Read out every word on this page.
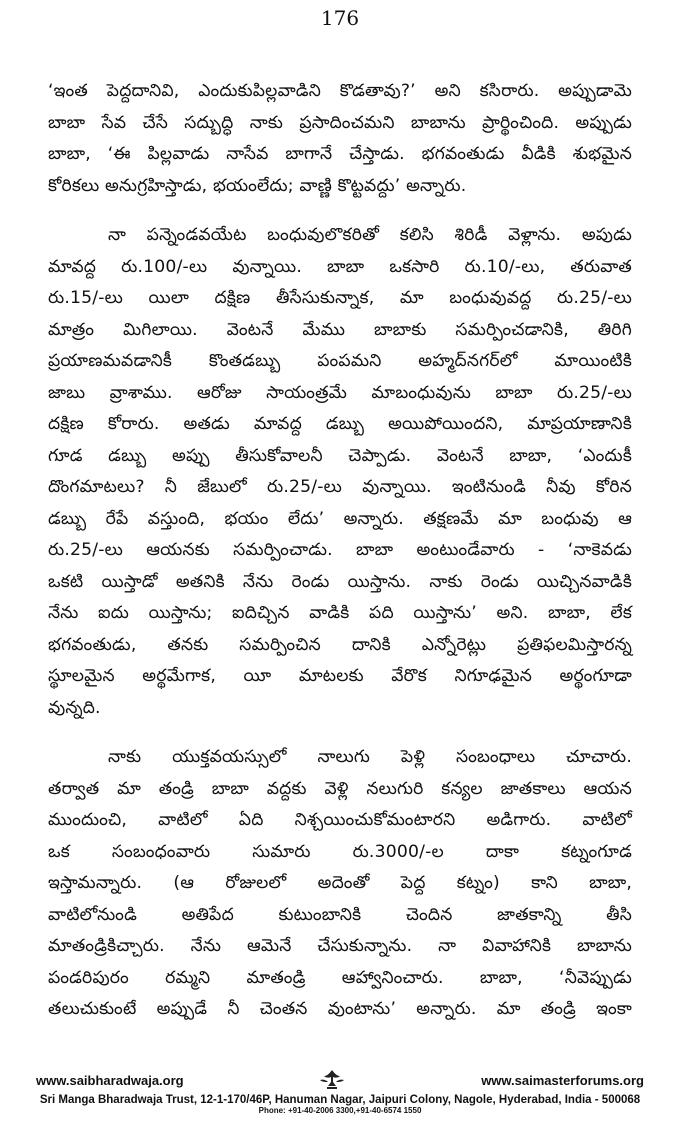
176

‘ఇంత పెద్దదానివి, ఎందుకుపిల్లవాడిని కొడతావు?’ అని కసిరారు. అప్పుడామె
బాబా సేవ చేసే సద్బుద్ధి నాకు ప్రసాదించమని బాబాను ప్రార్థించింది. అప్పుడు
బాబా, ‘ఈ పిల్లవాడు నాసేవ బాగానే చేస్తాడు. భగవంతుడు వీడికి శుభమైన
కోరికలు అనుగ్రహిస్తాడు, భయంలేదు; వాణ్ణి కొట్టవద్దు’ అన్నారు.

నా పన్నెండవయేట బంధువులొకరితో కలిసి శిరిడీ వెళ్లాను. అపుడు
మావద్ద రు.100/-లు వున్నాయి. బాబా ఒకసారి రు.10/-లు, తరువాత
రు.15/-లు యిలా దక్షిణ తీసేసుకున్నాక, మా బంధువువద్ద రు.25/-లు
మాత్రం మిగిలాయి. వెంటనే మేము బాబాకు సమర్పించడానికి, తిరిగి
ప్రయాణమవడానికీ కొంతడబ్బు పంపమని అహ్మద్‌నగర్‌లో మాయింటికి
జాబు వ్రాశాము. ఆరోజు సాయంత్రమే మాబంధువును బాబా రు.25/-లు
దక్షిణ కోరారు. అతడు మావద్ద డబ్బు అయిపోయిందని, మాప్రయాణానికి
గూడ డబ్బు అప్పు తీసుకోవాలనీ చెప్పాడు. వెంటనే బాబా, ‘ఎందుకీ
దొంగమాటలు? నీ జేబులో రు.25/-లు వున్నాయి. ఇంటినుండి నీవు కోరిన
డబ్బు రేపే వస్తుంది, భయం లేదు’ అన్నారు. తక్షణమే మా బంధువు ఆ
రు.25/-లు ఆయనకు సమర్పించాడు. బాబా అంటుండేవారు - ‘నాకెవడు
ఒకటి యిస్తాడో అతనికి నేను రెండు యిస్తాను. నాకు రెండు యిచ్చినవాడికి
నేను ఐదు యిస్తాను; ఐదిచ్చిన వాడికి పది యిస్తాను’ అని. బాబా, లేక
భగవంతుడు, తనకు సమర్పించిన దానికి ఎన్నోరెట్లు ప్రతిఫలమిస్తారన్న
స్థూలమైన అర్థమేగాక, యీ మాటలకు వేరొక నిగూఢమైన అర్థంగూడా
వున్నది.

నాకు యుక్తవయస్సులో నాలుగు పెళ్లి సంబంధాలు చూచారు.
తర్వాత మా తండ్రి బాబా వద్దకు వెళ్లి నలుగురి కన్యల జాతకాలు ఆయన
ముందుంచి, వాటిలో ఏది నిశ్చయించుకోమంటారని అడిగారు. వాటిలో
ఒక సంబంధంవారు సుమారు రు.3000/-ల దాకా కట్నంగూడ
ఇస్తామన్నారు. (ఆ రోజులలో అదెంతో పెద్ద కట్నం) కాని బాబా,
వాటిలోనుండి అతిపేద కుటుంబానికి చెందిన జాతకాన్ని తీసి
మాతండ్రికిచ్చారు. నేను ఆమెనే చేసుకున్నాను. నా వివాహానికి బాబాను
పండరిపురం రమ్మని మాతండ్రి ఆహ్వానించారు. బాబా, ‘నీవెప్పుడు
తలుచుకుంటే అప్పుడే నీ చెంతన వుంటాను’ అన్నారు. మా తండ్రి ఇంకా

www.saibharadwaja.org	www.saimasterforums.org
Sri Manga Bharadwaja Trust, 12-1-170/46P, Hanuman Nagar, Jaipuri Colony, Nagole, Hyderabad, India - 500068
Phone: +91-40-2006 3300,+91-40-6574 1550
